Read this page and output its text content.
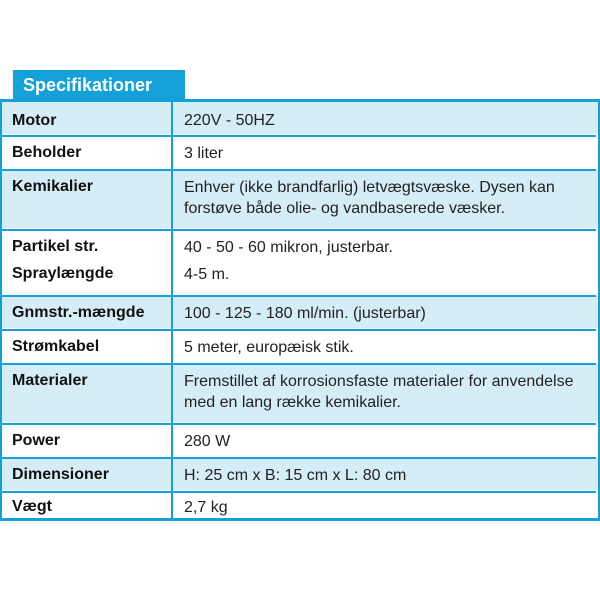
Specifikationer
Motor	220V - 50HZ
Beholder	3 liter
Kemikalier	Enhver (ikke brandfarlig) letvægtsvæske. Dysen kan forstøve både olie- og vandbaserede væsker.
Partikel str.	40 - 50 - 60 mikron, justerbar.
Spraylængde	4-5 m.
Gnmstr.-mængde	100 - 125 - 180 ml/min. (justerbar)
Strømkabel	5 meter, europæisk stik.
Materialer	Fremstillet af korrosionsfaste materialer for anvendelse med en lang række kemikalier.
Power	280 W
Dimensioner	H: 25 cm x B: 15 cm x L: 80 cm
Vægt	2,7 kg
